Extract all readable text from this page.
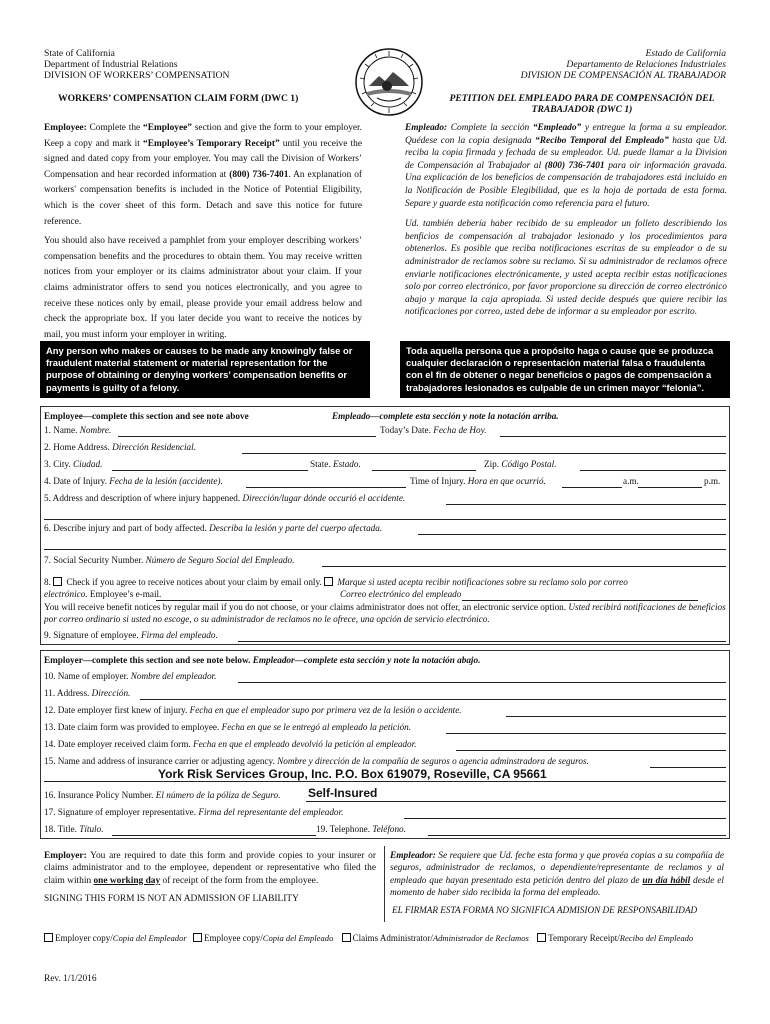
State of California
Department of Industrial Relations
DIVISION OF WORKERS’ COMPENSATION
Estado de California
Departamento de Relaciones Industriales
DIVISION DE COMPENSACIÓN AL TRABAJADOR
WORKERS’ COMPENSATION CLAIM FORM (DWC 1)	PETITION DEL EMPLEADO PARA DE COMPENSACIÓN DEL
TRABAJADOR (DWC 1)

Employee: Complete the “Employee” section and give the form to your employer. Keep a copy and mark it “Employee’s Temporary Receipt” until you receive the signed and dated copy from your employer. You may call the Division of Workers’ Compensation and hear recorded information at (800) 736-7401. An explanation of workers' compensation benefits is included in the Notice of Potential Eligibility, which is the cover sheet of this form. Detach and save this notice for future reference.

You should also have received a pamphlet from your employer describing workers’ compensation benefits and the procedures to obtain them. You may receive written notices from your employer or its claims administrator about your claim. If your claims administrator offers to send you notices electronically, and you agree to receive these notices only by email, please provide your email address below and check the appropriate box. If you later decide you want to receive the notices by mail, you must inform your employer in writing.

Empleado: Complete la sección “Empleado” y entregue la forma a su empleador. Quédese con la copia designada “Recibo Temporal del Empleado” hasta que Ud. reciba la copia firmada y fechada de su empleador. Ud. puede llamar a la Division de Compensación al Trabajador al (800) 736-7401 para oir información gravada. Una explicación de los beneficios de compensación de trabajadores está incluido en la Notificación de Posible Elegibilidad, que es la hoja de portada de esta forma. Separe y guarde esta notificación como referencia para el futuro.

Ud. también debería haber recibido de su empleador un folleto describiendo los benficios de compensación al trabajador lesionado y los procedimientos para obtenerlos. Es posible que reciba notificaciones escritas de su empleador o de su administrador de reclamos sobre su reclamo. Si su administrador de reclamos ofrece enviarle notificaciones electrónicamente, y usted acepta recibir estas notificaciones solo por correo electrónico, por favor proporcione su dirección de correo electrónico abajo y marque la caja apropiada. Si usted decide después que quiere recibir las notificaciones por correo, usted debe de informar a su empleador por escrito.

Any person who makes or causes to be made any knowingly false or fraudulent material statement or material representation for the purpose of obtaining or denying workers’ compensation benefits or payments is guilty of a felony.
Toda aquella persona que a propósito haga o cause que se produzca cualquier declaración o representación material falsa o fraudulenta con el fin de obtener o negar beneficios o pagos de compensación a trabajadores lesionados es culpable de un crimen mayor “felonia”.
Employee—complete this section and see note above	Empleado—complete esta sección y note la notación arriba.
1. Name. Nombre.	Today’s Date. Fecha de Hoy.
2. Home Address. Dirección Residencial.
3. City. Ciudad.	State. Estado.	Zip. Código Postal.
4. Date of Injury. Fecha de la lesión (accidente).	Time of Injury. Hora en que ocurrió.	a.m.	p.m.
5. Address and description of where injury happened. Dirección/lugar dónde occurió el accidente.
6. Describe injury and part of body affected. Describa la lesión y parte del cuerpo afectada.
7. Social Security Number. Número de Seguro Social del Empleado.
8. Check if you agree to receive notices about your claim by email only. Marque si usted acepta recibir notificaciones sobre su reclamo solo por correo
electrónico. Employee’s e-mail.	Correo electrónico del empleado
You will receive benefit notices by regular mail if you do not choose, or your claims administrator does not offer, an electronic service option. Usted recibirá notificaciones de beneficios por correo ordinario si usted no escoge, o su administrador de reclamos no le ofrece, una opción de servicio electrónico.
9. Signature of employee. Firma del empleado.
Employer—complete this section and see note below. Empleador—complete esta sección y note la notación abajo.
10. Name of employer. Nombre del empleador.
11. Address. Dirección.
12. Date employer first knew of injury. Fecha en que el empleador supo por primera vez de la lesión o accidente.
13. Date claim form was provided to employee. Fecha en que se le entregó al empleado la petición.
14. Date employer received claim form. Fecha en que el empleado devolvió la petición al empleador.
15. Name and address of insurance carrier or adjusting agency. Nombre y dirección de la compañía de seguros o agencia adminstradora de seguros.
York Risk Services Group, Inc. P.O. Box 619079, Roseville, CA 95661
16. Insurance Policy Number. El número de la póliza de Seguro.	Self-Insured
17. Signature of employer representative. Firma del representante del empleador.
18. Title. Título.	19. Telephone. Teléfono.
Employer: You are required to date this form and provide copies to your insurer or claims administrator and to the employee, dependent or representative who filed the claim within one working day of receipt of the form from the employee.
SIGNING THIS FORM IS NOT AN ADMISSION OF LIABILITY
Empleador: Se requiere que Ud. feche esta forma y que provéa copias a su compañía de seguros, administrador de reclamos, o dependiente/representante de reclamos y al empleado que hayan presentado esta petición dentro del plazo de un día hábil desde el momento de haber sido recibida la forma del empleado.
EL FIRMAR ESTA FORMA NO SIGNIFICA ADMISION DE RESPONSABILIDAD
Employer copy/Copia del Empleador Employee copy/Copia del Empleado Claims Administrator/Administrador de Reclamos Temporary Receipt/Recibo del Empleado
Rev. 1/1/2016
